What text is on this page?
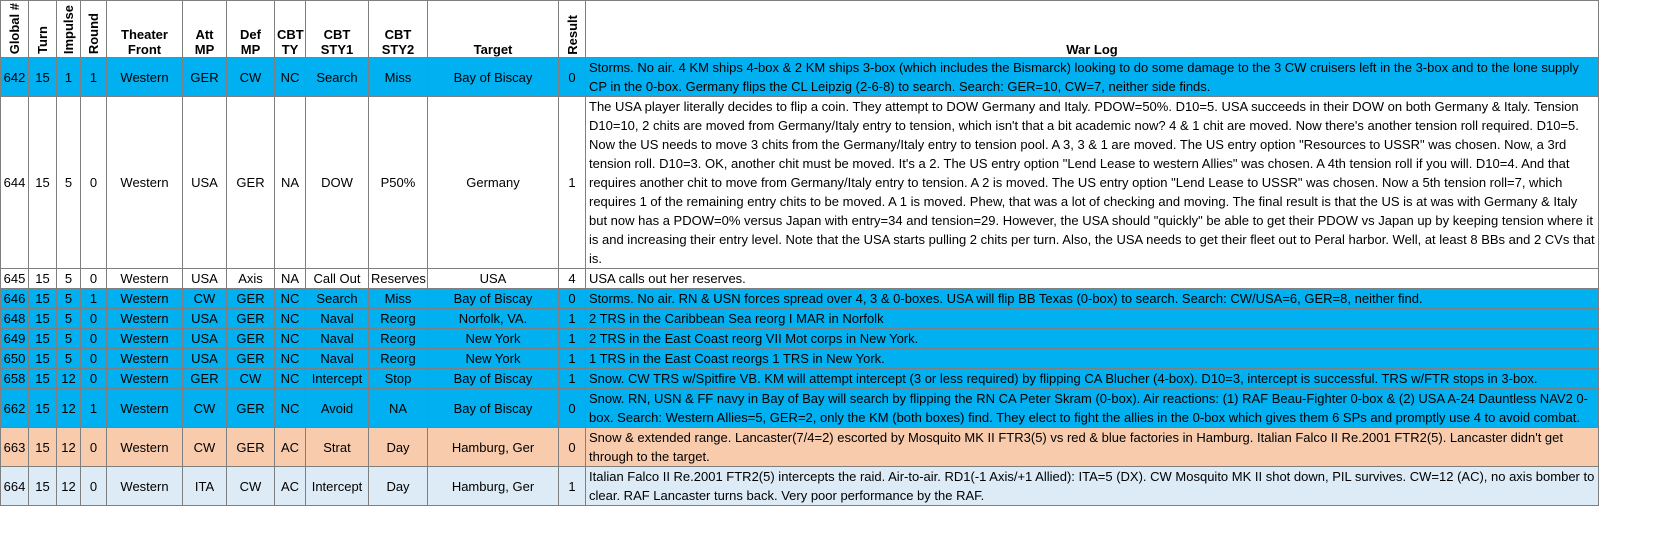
Global #	Turn	Impulse	Round	Theater Front	Att MP	Def MP	CBT TY	CBT STY1	CBT STY2	Target	Result	War Log
642	15	1	1	Western	GER	CW	NC	Search	Miss	Bay of Biscay	0	Storms. No air. 4 KM ships 4-box & 2 KM ships 3-box (which includes the Bismarck) looking to do some damage to the 3 CW cruisers left in the 3-box and to the lone supply CP in the 0-box. Germany flips the CL Leipzig (2-6-8) to search. Search: GER=10, CW=7, neither side finds.
644	15	5	0	Western	USA	GER	NA	DOW	P50%	Germany	1	The USA player literally decides to flip a coin. They attempt to DOW Germany and Italy. PDOW=50%. D10=5. USA succeeds in their DOW on both Germany & Italy. Tension D10=10, 2 chits are moved from Germany/Italy entry to tension, which isn't that a bit academic now? 4 & 1 chit are moved. Now there's another tension roll required. D10=5. Now the US needs to move 3 chits from the Germany/Italy entry to tension pool. A 3, 3 & 1 are moved. The US entry option "Resources to USSR" was chosen. Now, a 3rd tension roll. D10=3. OK, another chit must be moved. It's a 2. The US entry option "Lend Lease to western Allies" was chosen. A 4th tension roll if you will. D10=4. And that requires another chit to move from Germany/Italy entry to tension. A 2 is moved. The US entry option "Lend Lease to USSR" was chosen. Now a 5th tension roll=7, which requires 1 of the remaining entry chits to be moved. A 1 is moved. Phew, that was a lot of checking and moving. The final result is that the US is at was with Germany & Italy but now has a PDOW=0% versus Japan with entry=34 and tension=29. However, the USA should "quickly" be able to get their PDOW vs Japan up by keeping tension where it is and increasing their entry level. Note that the USA starts pulling 2 chits per turn. Also, the USA needs to get their fleet out to Peral harbor. Well, at least 8 BBs and 2 CVs that is.
645	15	5	0	Western	USA	Axis	NA	Call Out	Reserves	USA	4	USA calls out her reserves.
646	15	5	1	Western	CW	GER	NC	Search	Miss	Bay of Biscay	0	Storms. No air. RN & USN forces spread over 4, 3 & 0-boxes. USA will flip BB Texas (0-box) to search. Search: CW/USA=6, GER=8, neither find.
648	15	5	0	Western	USA	GER	NC	Naval	Reorg	Norfolk, VA.	1	2 TRS in the Caribbean Sea reorg I MAR in Norfolk
649	15	5	0	Western	USA	GER	NC	Naval	Reorg	New York	1	2 TRS in the East Coast reorg VII Mot corps in New York.
650	15	5	0	Western	USA	GER	NC	Naval	Reorg	New York	1	1 TRS in the East Coast reorgs 1 TRS in New York.
658	15	12	0	Western	GER	CW	NC	Intercept	Stop	Bay of Biscay	1	Snow. CW TRS w/Spitfire VB. KM will attempt intercept (3 or less required) by flipping CA Blucher (4-box). D10=3, intercept is successful. TRS w/FTR stops in 3-box.
662	15	12	1	Western	CW	GER	NC	Avoid	NA	Bay of Biscay	0	Snow. RN, USN & FF navy in Bay of Bay will search by flipping the RN CA Peter Skram (0-box). Air reactions: (1) RAF Beau-Fighter 0-box & (2) USA A-24 Dauntless NAV2 0-box. Search: Western Allies=5, GER=2, only the KM (both boxes) find. They elect to fight the allies in the 0-box which gives them 6 SPs and promptly use 4 to avoid combat.
663	15	12	0	Western	CW	GER	AC	Strat	Day	Hamburg, Ger	0	Snow & extended range. Lancaster(7/4=2) escorted by Mosquito MK II FTR3(5) vs red & blue factories in Hamburg. Italian Falco II Re.2001 FTR2(5). Lancaster didn't get through to the target.
664	15	12	0	Western	ITA	CW	AC	Intercept	Day	Hamburg, Ger	1	Italian Falco II Re.2001 FTR2(5) intercepts the raid. Air-to-air. RD1(-1 Axis/+1 Allied): ITA=5 (DX). CW Mosquito MK II shot down, PIL survives. CW=12 (AC), no axis bomber to clear. RAF Lancaster turns back. Very poor performance by the RAF.
